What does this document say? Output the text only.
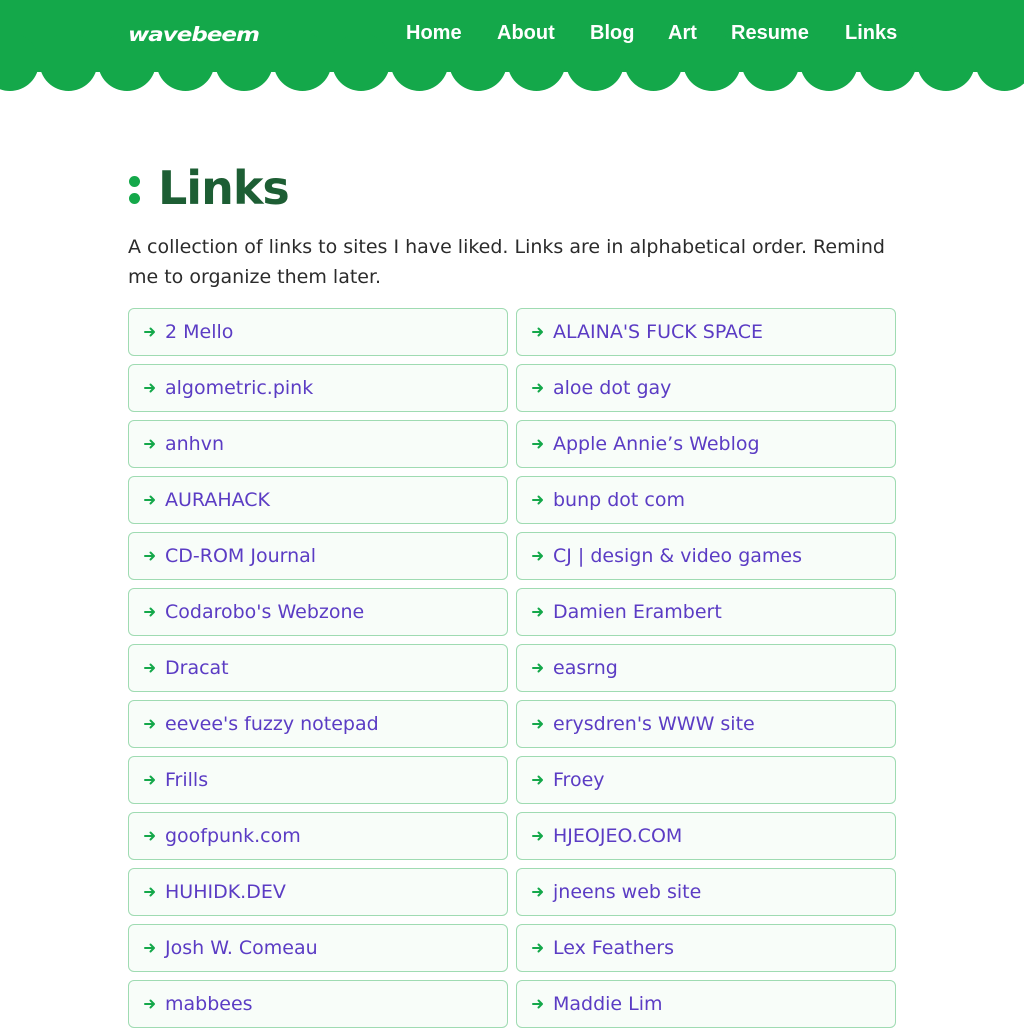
wavebeem	Home About Blog Art Resume Links
Links

A collection of links to sites I have liked. Links are in alphabetical order. Remind me to organize them later.

2 Mello	ALAINA'S FUCK SPACE
algometric.pink	aloe dot gay
anhvn	Apple Annie’s Weblog
AURAHACK	bunp dot com
CD-ROM Journal	CJ | design & video games
Codarobo's Webzone	Damien Erambert
Dracat	easrng
eevee's fuzzy notepad	erysdren's WWW site
Frills	Froey
goofpunk.com	HJEOJEO.COM
HUHIDK.DEV	jneens web site
Josh W. Comeau	Lex Feathers
mabbees	Maddie Lim
